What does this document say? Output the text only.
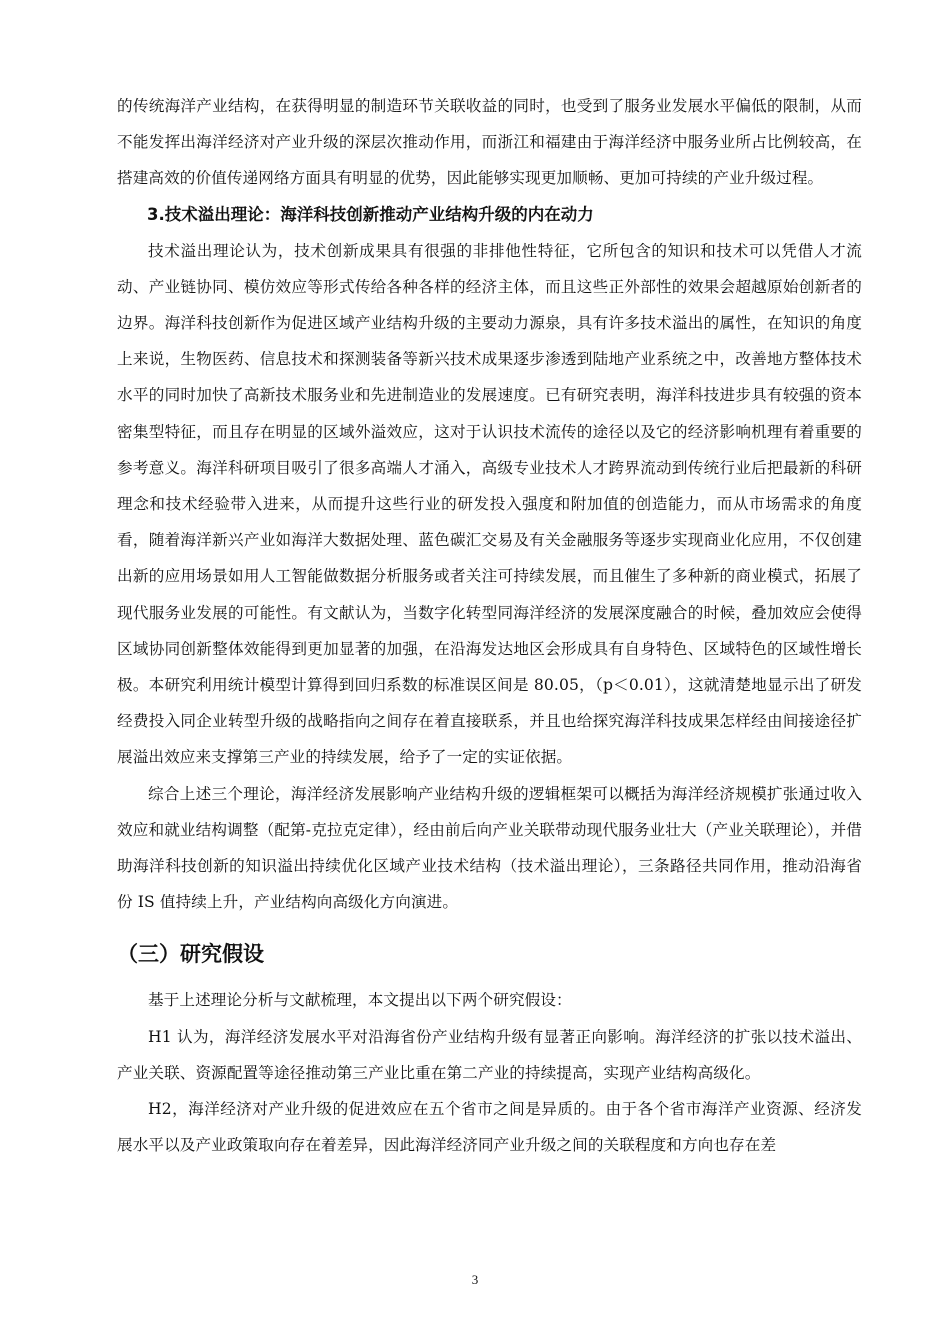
的传统海洋产业结构，在获得明显的制造环节关联收益的同时，也受到了服务业发展水平偏低的限制，从而不能发挥出海洋经济对产业升级的深层次推动作用，而浙江和福建由于海洋经济中服务业所占比例较高，在搭建高效的价值传递网络方面具有明显的优势，因此能够实现更加顺畅、更加可持续的产业升级过程。

3.技术溢出理论：海洋科技创新推动产业结构升级的内在动力

技术溢出理论认为，技术创新成果具有很强的非排他性特征，它所包含的知识和技术可以凭借人才流动、产业链协同、模仿效应等形式传给各种各样的经济主体，而且这些正外部性的效果会超越原始创新者的边界。海洋科技创新作为促进区域产业结构升级的主要动力源泉，具有许多技术溢出的属性，在知识的角度上来说，生物医药、信息技术和探测装备等新兴技术成果逐步渗透到陆地产业系统之中，改善地方整体技术水平的同时加快了高新技术服务业和先进制造业的发展速度。已有研究表明，海洋科技进步具有较强的资本密集型特征，而且存在明显的区域外溢效应，这对于认识技术流传的途径以及它的经济影响机理有着重要的参考意义。海洋科研项目吸引了很多高端人才涌入，高级专业技术人才跨界流动到传统行业后把最新的科研理念和技术经验带入进来，从而提升这些行业的研发投入强度和附加值的创造能力，而从市场需求的角度看，随着海洋新兴产业如海洋大数据处理、蓝色碳汇交易及有关金融服务等逐步实现商业化应用，不仅创建出新的应用场景如用人工智能做数据分析服务或者关注可持续发展，而且催生了多种新的商业模式，拓展了现代服务业发展的可能性。有文献认为，当数字化转型同海洋经济的发展深度融合的时候，叠加效应会使得区域协同创新整体效能得到更加显著的加强，在沿海发达地区会形成具有自身特色、区域特色的区域性增长极。本研究利用统计模型计算得到回归系数的标准误区间是 80.05，（p＜0.01），这就清楚地显示出了研发经费投入同企业转型升级的战略指向之间存在着直接联系，并且也给探究海洋科技成果怎样经由间接途径扩展溢出效应来支撑第三产业的持续发展，给予了一定的实证依据。

综合上述三个理论，海洋经济发展影响产业结构升级的逻辑框架可以概括为海洋经济规模扩张通过收入效应和就业结构调整（配第-克拉克定律），经由前后向产业关联带动现代服务业壮大（产业关联理论），并借助海洋科技创新的知识溢出持续优化区域产业技术结构（技术溢出理论），三条路径共同作用，推动沿海省份 IS 值持续上升，产业结构向高级化方向演进。

（三）研究假设

基于上述理论分析与文献梳理，本文提出以下两个研究假设：

H1 认为，海洋经济发展水平对沿海省份产业结构升级有显著正向影响。海洋经济的扩张以技术溢出、产业关联、资源配置等途径推动第三产业比重在第二产业的持续提高，实现产业结构高级化。

H2，海洋经济对产业升级的促进效应在五个省市之间是异质的。由于各个省市海洋产业资源、经济发展水平以及产业政策取向存在着差异，因此海洋经济同产业升级之间的关联程度和方向也存在差

3
